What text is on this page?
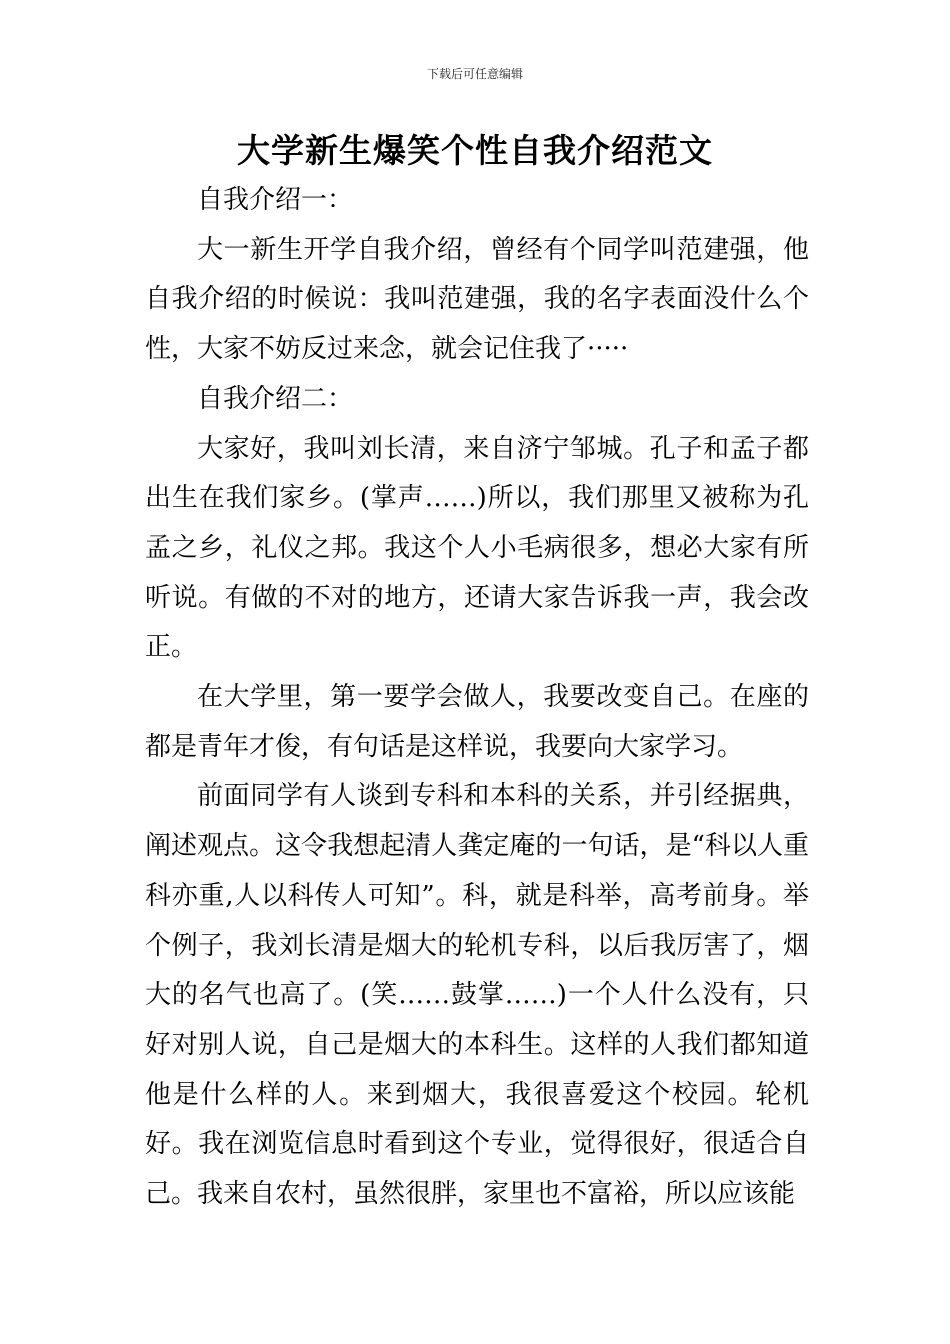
下载后可任意编辑
大学新生爆笑个性自我介绍范文

自我介绍一：

大一新生开学自我介绍，曾经有个同学叫范建强，他自我介绍的时候说：我叫范建强，我的名字表面没什么个性，大家不妨反过来念，就会记住我了·····

自我介绍二：

大家好，我叫刘长清，来自济宁邹城。孔子和孟子都出生在我们家乡。(掌声……)所以，我们那里又被称为孔孟之乡，礼仪之邦。我这个人小毛病很多，想必大家有所听说。有做的不对的地方，还请大家告诉我一声，我会改正。

在大学里，第一要学会做人，我要改变自己。在座的都是青年才俊，有句话是这样说，我要向大家学习。

前面同学有人谈到专科和本科的关系，并引经据典，阐述观点。这令我想起清人龚定庵的一句话，是“科以人重科亦重,人以科传人可知”。科，就是科举，高考前身。举个例子，我刘长清是烟大的轮机专科，以后我厉害了，烟大的名气也高了。(笑……鼓掌……)一个人什么没有，只好对别人说，自己是烟大的本科生。这样的人我们都知道他是什么样的人。来到烟大，我很喜爱这个校园。轮机好。我在浏览信息时看到这个专业，觉得很好，很适合自己。我来自农村，虽然很胖，家里也不富裕，所以应该能
